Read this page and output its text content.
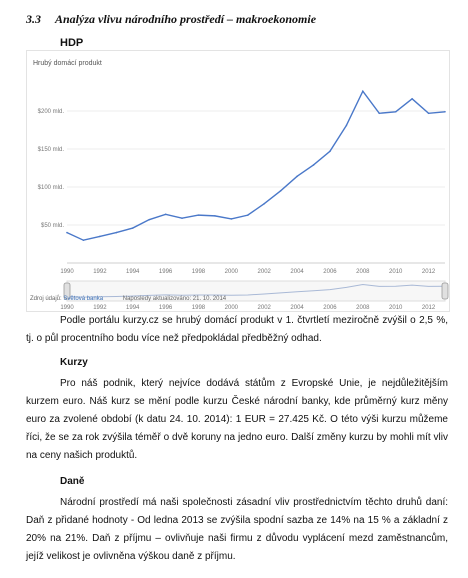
3.3 Analýza vlivu národního prostředí – makroekonomie
HDP
Hrubý domácí produkt
$50 mld.
$100 mld.
$150 mld.
$200 mld.
1990	1992	1994	1996	1998	2000	2002	2004	2006	2008	2010	2012
1990	1992	1994	1996	1998	2000	2002	2004	2006	2008	2010	2012
Zdroj údajů: Světová banka	Naposledy aktualizováno: 21. 10. 2014
Podle portálu kurzy.cz se hrubý domácí produkt v 1. čtvrtletí meziročně zvýšil o 2,5 %, tj. o půl procentního bodu více než předpokládal předběžný odhad.
Kurzy
Pro náš podnik, který nejvíce dodává státům z Evropské Unie, je nejdůležitějším kurzem euro. Náš kurz se mění podle kurzu České národní banky, kde průměrný kurz měny euro za zvolené období (k datu 24. 10. 2014): 1 EUR = 27.425 Kč. O této výši kurzu můžeme říci, že se za rok zvýšila téměř o dvě koruny na jedno euro. Další změny kurzu by mohli mít vliv na ceny našich produktů.
Daně
Národní prostředí má naši společnosti zásadní vliv prostřednictvím těchto druhů daní: Daň z přidané hodnoty - Od ledna 2013 se zvýšila spodní sazba ze 14% na 15 % a základní z 20% na 21%. Daň z příjmu – ovlivňuje naši firmu z důvodu vyplácení mezd zaměstnancům, jejíž velikost je ovlivněna výškou daně z příjmu.
